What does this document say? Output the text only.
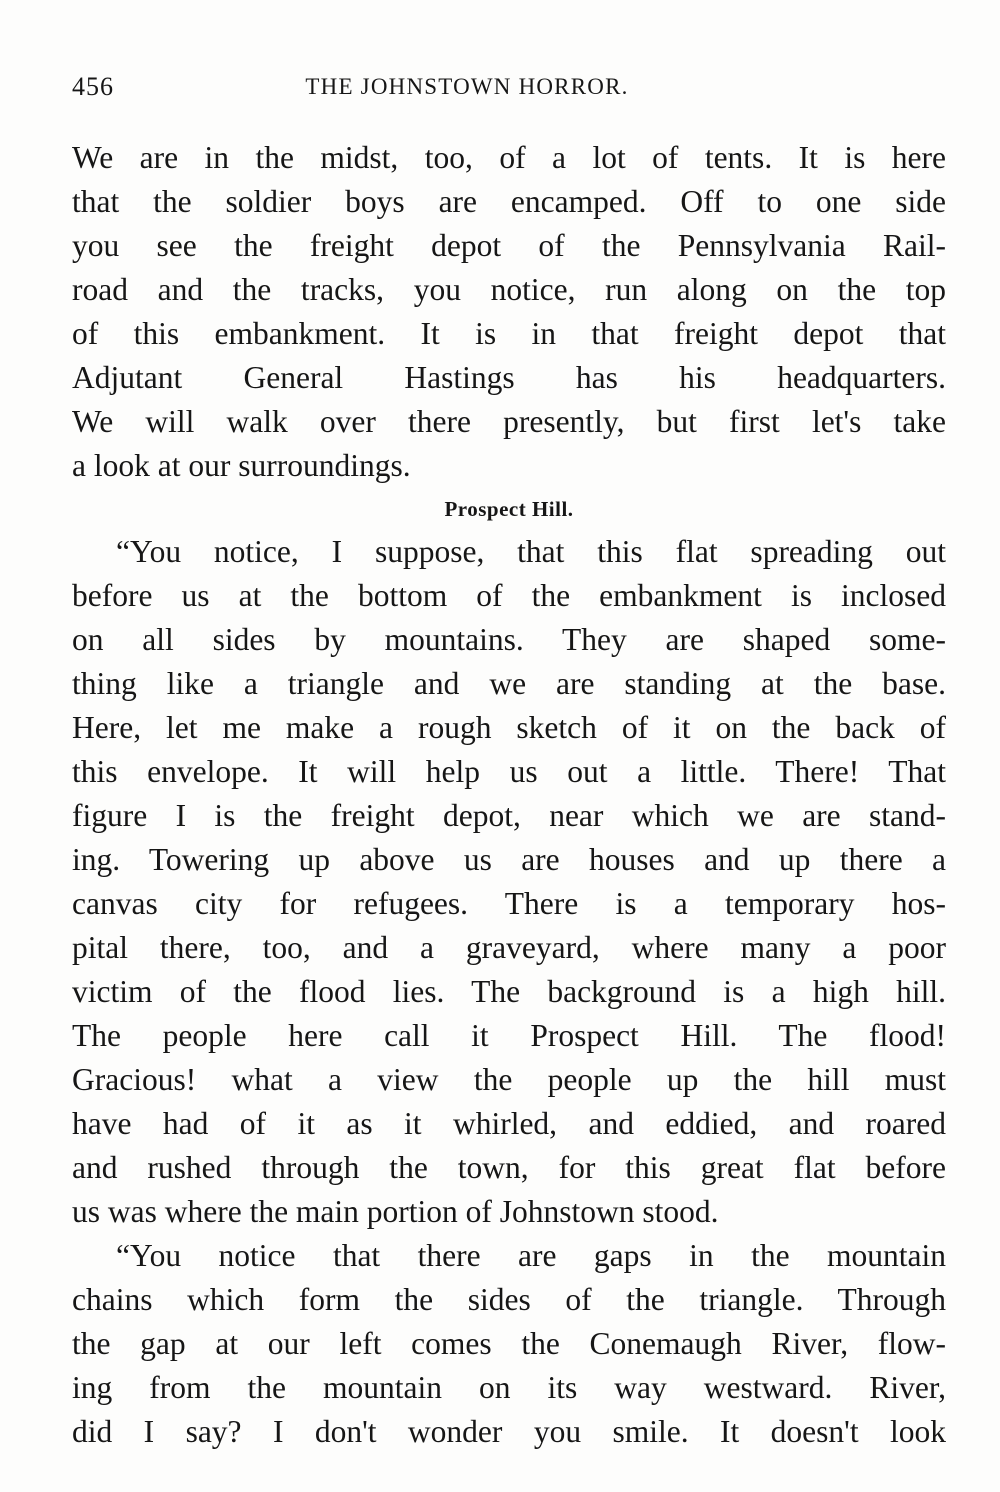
456	THE JOHNSTOWN HORROR.
We are in the midst, too, of a lot of tents. It is here
that the soldier boys are encamped. Off to one side
you see the freight depot of the Pennsylvania Rail-
road and the tracks, you notice, run along on the top
of this embankment. It is in that freight depot that
Adjutant General Hastings has his headquarters.
We will walk over there presently, but first let's take
a look at our surroundings.
Prospect Hill.
“You notice, I suppose, that this flat spreading out
before us at the bottom of the embankment is inclosed
on all sides by mountains. They are shaped some-
thing like a triangle and we are standing at the base.
Here, let me make a rough sketch of it on the back of
this envelope. It will help us out a little. There! That
figure I is the freight depot, near which we are stand-
ing. Towering up above us are houses and up there a
canvas city for refugees. There is a temporary hos-
pital there, too, and a graveyard, where many a poor
victim of the flood lies. The background is a high hill.
The people here call it Prospect Hill. The flood!
Gracious! what a view the people up the hill must
have had of it as it whirled, and eddied, and roared
and rushed through the town, for this great flat before
us was where the main portion of Johnstown stood.
“You notice that there are gaps in the mountain
chains which form the sides of the triangle. Through
the gap at our left comes the Conemaugh River, flow-
ing from the mountain on its way westward. River,
did I say? I don't wonder you smile. It doesn't look
